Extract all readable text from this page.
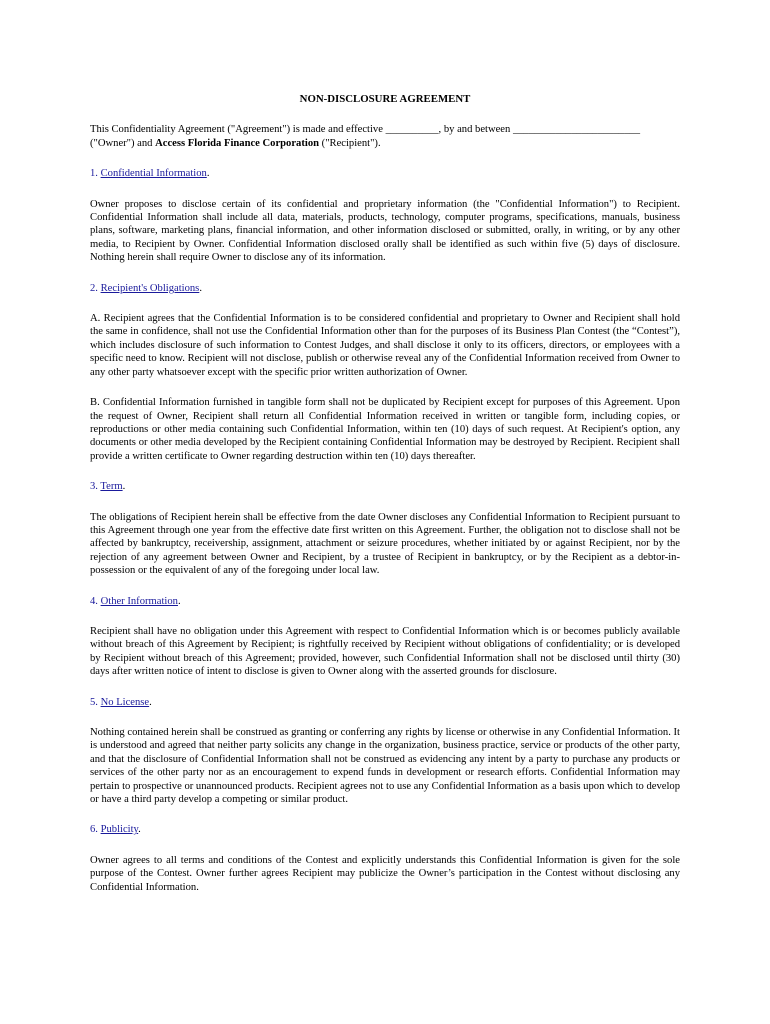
NON-DISCLOSURE AGREEMENT
This Confidentiality Agreement ("Agreement") is made and effective __________, by and between ________________________ ("Owner") and Access Florida Finance Corporation ("Recipient").
1. Confidential Information.
Owner proposes to disclose certain of its confidential and proprietary information (the "Confidential Information") to Recipient. Confidential Information shall include all data, materials, products, technology, computer programs, specifications, manuals, business plans, software, marketing plans, financial information, and other information disclosed or submitted, orally, in writing, or by any other media, to Recipient by Owner. Confidential Information disclosed orally shall be identified as such within five (5) days of disclosure. Nothing herein shall require Owner to disclose any of its information.
2. Recipient's Obligations.
A. Recipient agrees that the Confidential Information is to be considered confidential and proprietary to Owner and Recipient shall hold the same in confidence, shall not use the Confidential Information other than for the purposes of its Business Plan Contest (the “Contest”), which includes disclosure of such information to Contest Judges, and shall disclose it only to its officers, directors, or employees with a specific need to know. Recipient will not disclose, publish or otherwise reveal any of the Confidential Information received from Owner to any other party whatsoever except with the specific prior written authorization of Owner.
B. Confidential Information furnished in tangible form shall not be duplicated by Recipient except for purposes of this Agreement. Upon the request of Owner, Recipient shall return all Confidential Information received in written or tangible form, including copies, or reproductions or other media containing such Confidential Information, within ten (10) days of such request. At Recipient's option, any documents or other media developed by the Recipient containing Confidential Information may be destroyed by Recipient. Recipient shall provide a written certificate to Owner regarding destruction within ten (10) days thereafter.
3. Term.
The obligations of Recipient herein shall be effective from the date Owner discloses any Confidential Information to Recipient pursuant to this Agreement through one year from the effective date first written on this Agreement. Further, the obligation not to disclose shall not be affected by bankruptcy, receivership, assignment, attachment or seizure procedures, whether initiated by or against Recipient, nor by the rejection of any agreement between Owner and Recipient, by a trustee of Recipient in bankruptcy, or by the Recipient as a debtor-in-possession or the equivalent of any of the foregoing under local law.
4. Other Information.
Recipient shall have no obligation under this Agreement with respect to Confidential Information which is or becomes publicly available without breach of this Agreement by Recipient; is rightfully received by Recipient without obligations of confidentiality; or is developed by Recipient without breach of this Agreement; provided, however, such Confidential Information shall not be disclosed until thirty (30) days after written notice of intent to disclose is given to Owner along with the asserted grounds for disclosure.
5. No License.
Nothing contained herein shall be construed as granting or conferring any rights by license or otherwise in any Confidential Information. It is understood and agreed that neither party solicits any change in the organization, business practice, service or products of the other party, and that the disclosure of Confidential Information shall not be construed as evidencing any intent by a party to purchase any products or services of the other party nor as an encouragement to expend funds in development or research efforts. Confidential Information may pertain to prospective or unannounced products. Recipient agrees not to use any Confidential Information as a basis upon which to develop or have a third party develop a competing or similar product.
6. Publicity.
Owner agrees to all terms and conditions of the Contest and explicitly understands this Confidential Information is given for the sole purpose of the Contest. Owner further agrees Recipient may publicize the Owner’s participation in the Contest without disclosing any Confidential Information.
